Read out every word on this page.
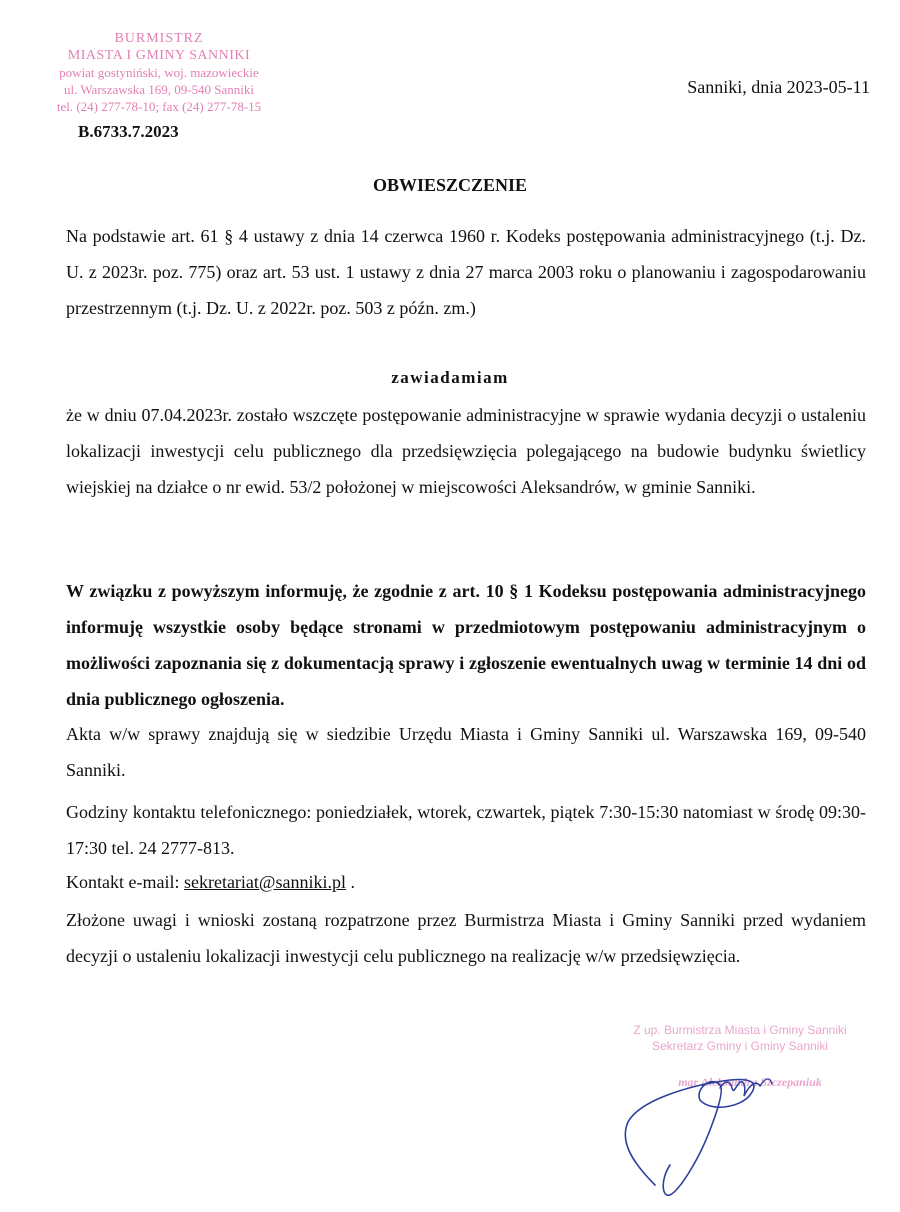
BURMISTRZ
MIASTA I GMINY SANNIKI
powiat gostyniński, woj. mazowieckie
ul. Warszawska 169, 09-540 Sanniki
tel. (24) 277-78-10; fax (24) 277-78-15
B.6733.7.2023
Sanniki, dnia 2023-05-11
OBWIESZCZENIE
Na podstawie art. 61 § 4 ustawy z dnia 14 czerwca 1960 r. Kodeks postępowania administracyjnego (t.j. Dz. U. z 2023r. poz. 775) oraz art. 53 ust. 1 ustawy z dnia 27 marca 2003 roku o planowaniu i zagospodarowaniu przestrzennym (t.j. Dz. U. z 2022r. poz. 503 z późn. zm.)
zawiadamiam
że w dniu 07.04.2023r. zostało wszczęte postępowanie administracyjne w sprawie wydania decyzji o ustaleniu lokalizacji inwestycji celu publicznego dla przedsięwzięcia polegającego na budowie budynku świetlicy wiejskiej na działce o nr ewid. 53/2 położonej w miejscowości Aleksandrów, w gminie Sanniki.
W związku z powyższym informuję, że zgodnie z art. 10 § 1 Kodeksu postępowania administracyjnego informuję wszystkie osoby będące stronami w przedmiotowym postępowaniu administracyjnym o możliwości zapoznania się z dokumentacją sprawy i zgłoszenie ewentualnych uwag w terminie 14 dni od dnia publicznego ogłoszenia.
Akta w/w sprawy znajdują się w siedzibie Urzędu Miasta i Gminy Sanniki ul. Warszawska 169, 09-540 Sanniki.
Godziny kontaktu telefonicznego: poniedziałek, wtorek, czwartek, piątek 7:30-15:30 natomiast w środę 09:30-17:30 tel. 24 2777-813.
Kontakt e-mail: sekretariat@sanniki.pl .
Złożone uwagi i wnioski zostaną rozpatrzone przez Burmistrza Miasta i Gminy Sanniki przed wydaniem decyzji o ustaleniu lokalizacji inwestycji celu publicznego na realizację w/w przedsięwzięcia.
Z up. Burmistrza Miasta i Gminy Sanniki
Sekretarz Gminy i Gminy Sanniki
mgr Aleksandra Szczepaniuk
